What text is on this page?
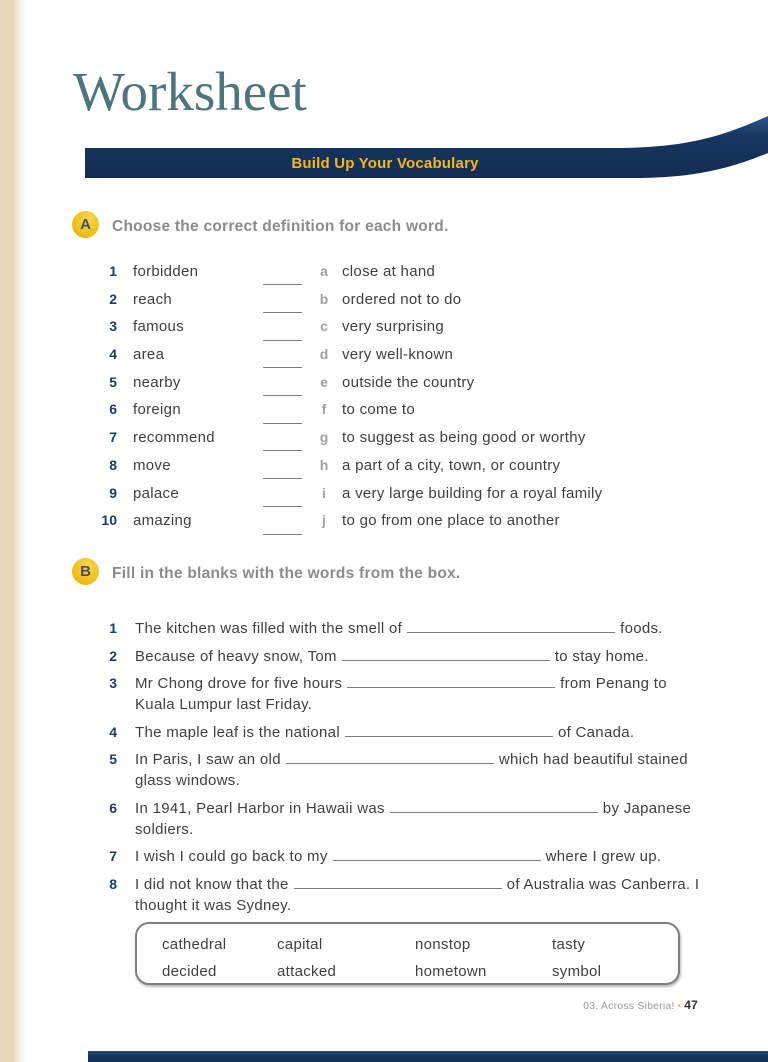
Worksheet
Build Up Your Vocabulary
A	Choose the correct definition for each word.
1 forbidden	a close at hand
2 reach	b ordered not to do
3 famous	c very surprising
4 area	d very well-known
5 nearby	e outside the country
6 foreign	f	to come to
7 recommend	g to suggest as being good or worthy
8 move	h a part of a city, town, or country
9 palace	i	a very large building for a royal family
10 amazing	j	to go from one place to another
B	Fill in the blanks with the words from the box.
1 The kitchen was filled with the smell of	foods.
2 Because of heavy snow, Tom	to stay home.
3 Mr Chong drove for five hours	from Penang to
Kuala Lumpur last Friday.
4 The maple leaf is the national	of Canada.
5 In Paris, I saw an old	which had beautiful stained
glass windows.
6 In 1941, Pearl Harbor in Hawaii was	by Japanese
soldiers.
7 I wish I could go back to my	where I grew up.
8 I did not know that the	of Australia was Canberra. I
thought it was Sydney.
cathedral	capital	nonstop	tasty
decided	attacked	hometown	symbol
03. Across Siberia! • 47
